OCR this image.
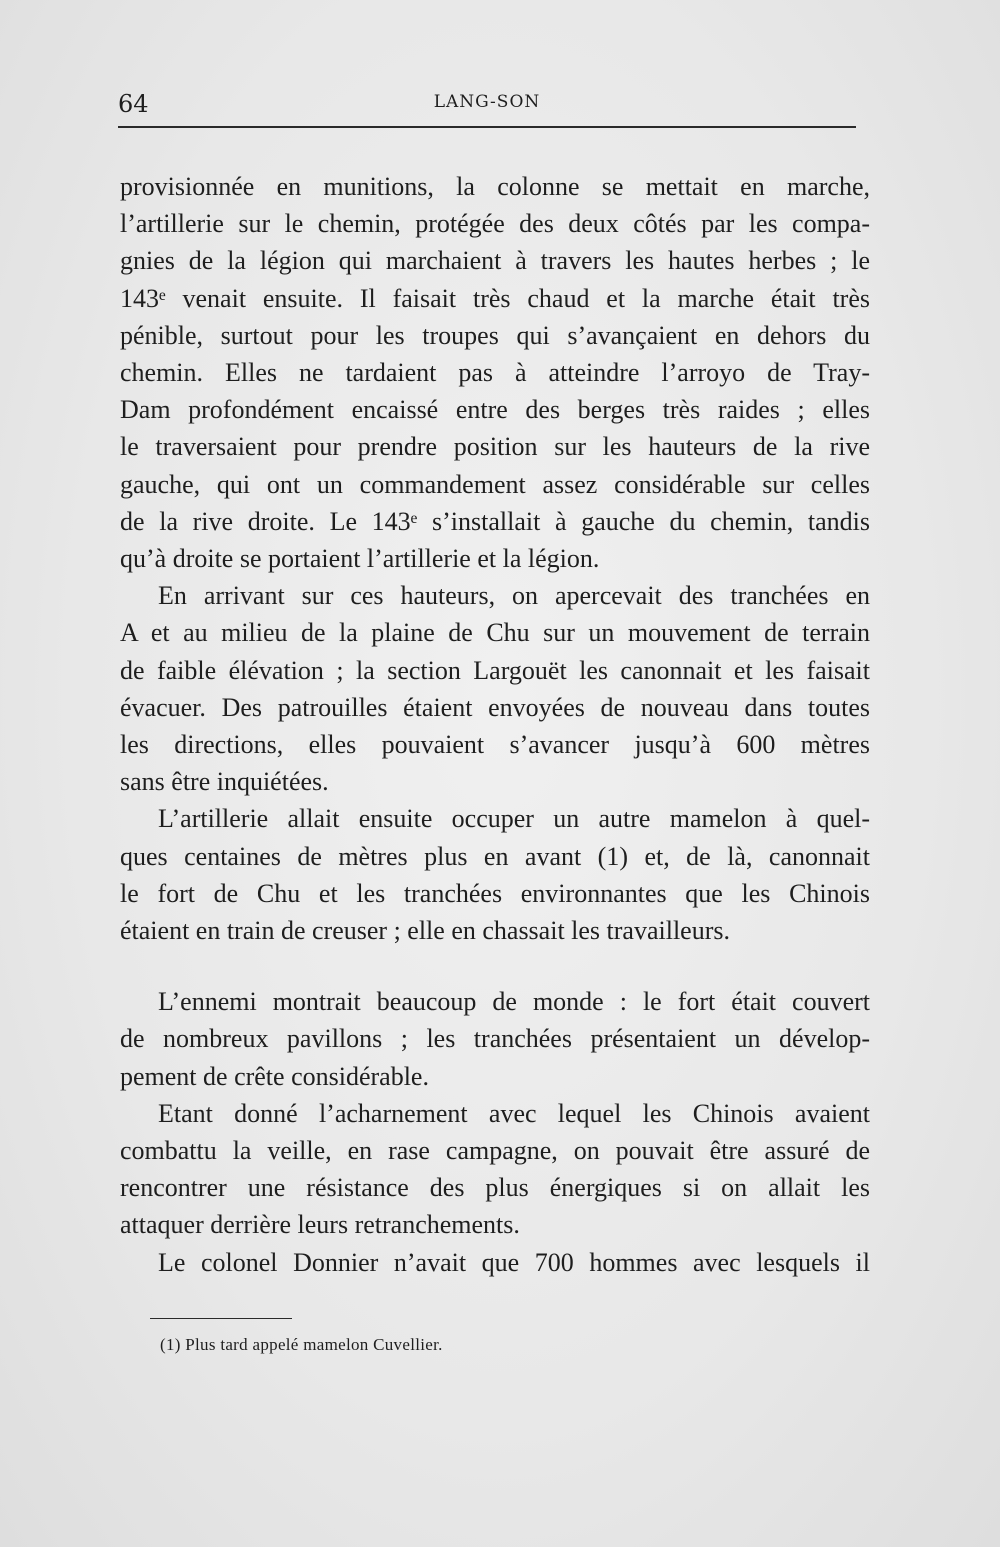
64	LANG-SON

provisionnée en munitions, la colonne se mettait en marche,

l’artillerie sur le chemin, protégée des deux côtés par les compa-

gnies de la légion qui marchaient à travers les hautes herbes ; le

143ᵉ venait ensuite. Il faisait très chaud et la marche était très

pénible, surtout pour les troupes qui s’avançaient en dehors du

chemin. Elles ne tardaient pas à atteindre l’arroyo de Tray-

Dam profondément encaissé entre des berges très raides ; elles

le traversaient pour prendre position sur les hauteurs de la rive

gauche, qui ont un commandement assez considérable sur celles

de la rive droite. Le 143ᵉ s’installait à gauche du chemin, tandis

qu’à droite se portaient l’artillerie et la légion.

En arrivant sur ces hauteurs, on apercevait des tranchées en

A et au milieu de la plaine de Chu sur un mouvement de terrain

de faible élévation ; la section Largouët les canonnait et les faisait

évacuer. Des patrouilles étaient envoyées de nouveau dans toutes

les directions, elles pouvaient s’avancer jusqu’à 600 mètres

sans être inquiétées.

L’artillerie allait ensuite occuper un autre mamelon à quel-

ques centaines de mètres plus en avant (1) et, de là, canonnait

le fort de Chu et les tranchées environnantes que les Chinois

étaient en train de creuser ; elle en chassait les travailleurs.

L’ennemi montrait beaucoup de monde : le fort était couvert

de nombreux pavillons ; les tranchées présentaient un dévelop-

pement de crête considérable.

Etant donné l’acharnement avec lequel les Chinois avaient

combattu la veille, en rase campagne, on pouvait être assuré de

rencontrer une résistance des plus énergiques si on allait les

attaquer derrière leurs retranchements.

Le colonel Donnier n’avait que 700 hommes avec lesquels il

(1) Plus tard appelé mamelon Cuvellier.
